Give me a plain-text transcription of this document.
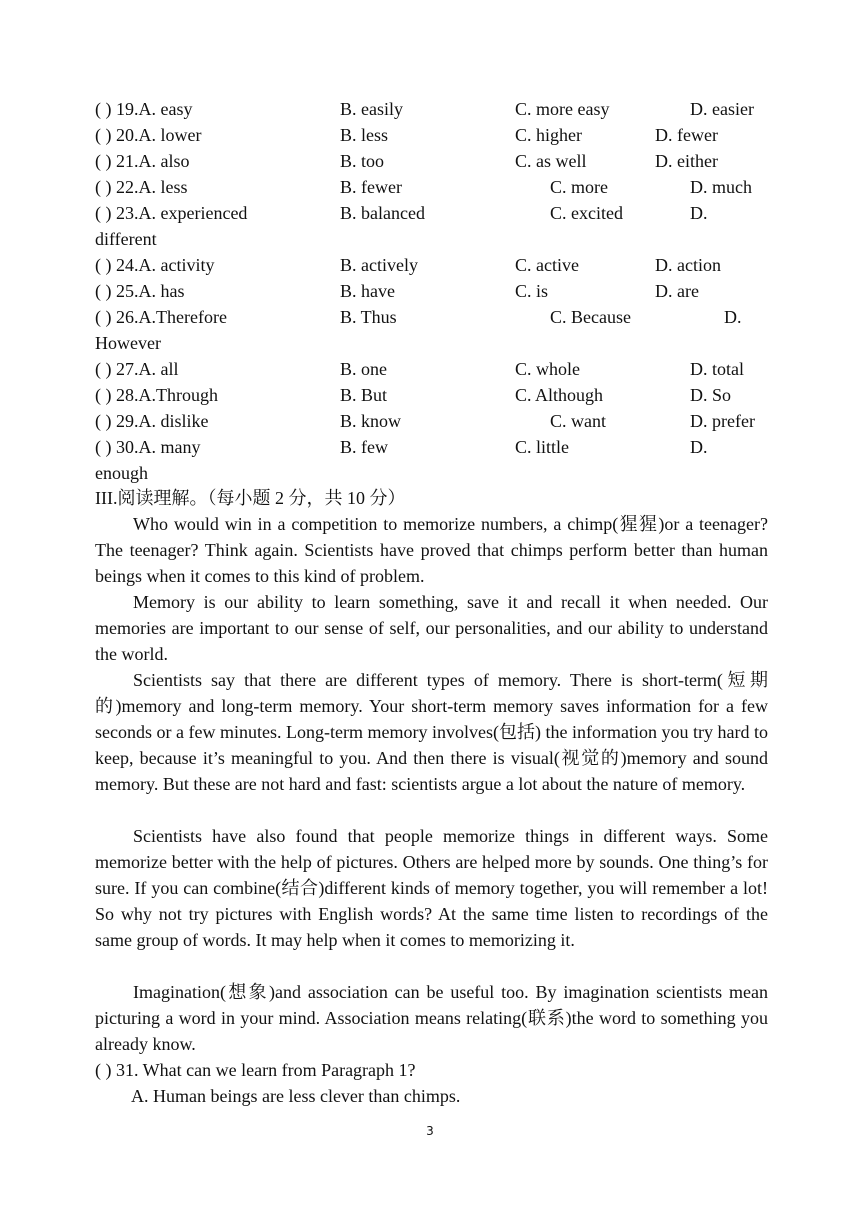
( ) 19.A. easy	B. easily	C. more easy	D. easier
( ) 20.A. lower	B. less	C. higher	D. fewer
( ) 21.A. also	B. too	C. as well	D. either
( ) 22.A. less	B. fewer	C. more	D. much
( ) 23.A. experienced	B. balanced	C. excited	D.
different
( ) 24.A. activity	B. actively	C. active	D. action
( ) 25.A. has	B. have	C. is	D. are
( ) 26.A.Therefore	B. Thus	C. Because	D.
However
( ) 27.A. all	B. one	C. whole	D. total
( ) 28.A.Through	B. But	C. Although	D. So
( ) 29.A. dislike	B. know	C. want	D. prefer
( ) 30.A. many	B. few	C. little	D.
enough
III.阅读理解。（每小题 2 分，共 10 分）
Who would win in a competition to memorize numbers, a chimp(猩猩)or a teenager? The teenager? Think again. Scientists have proved that chimps perform better than human beings when it comes to this kind of problem.
Memory is our ability to learn something, save it and recall it when needed. Our memories are important to our sense of self, our personalities, and our ability to understand the world.
Scientists say that there are different types of memory. There is short-term(短期的)memory and long-term memory. Your short-term memory saves information for a few seconds or a few minutes. Long-term memory involves(包括) the information you try hard to keep, because it’s meaningful to you. And then there is visual(视觉的)memory and sound memory. But these are not hard and fast: scientists argue a lot about the nature of memory.
Scientists have also found that people memorize things in different ways. Some memorize better with the help of pictures. Others are helped more by sounds. One thing’s for sure. If you can combine(结合)different kinds of memory together, you will remember a lot! So why not try pictures with English words? At the same time listen to recordings of the same group of words. It may help when it comes to memorizing it.
Imagination(想象)and association can be useful too. By imagination scientists mean picturing a word in your mind. Association means relating(联系)the word to something you already know.
( ) 31. What can we learn from Paragraph 1?
A. Human beings are less clever than chimps.
3
